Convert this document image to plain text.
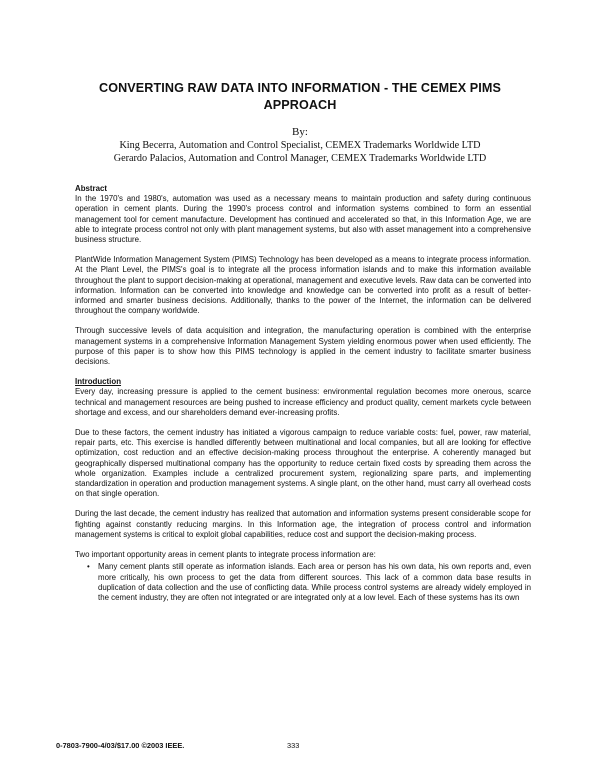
CONVERTING RAW DATA INTO INFORMATION - THE CEMEX PIMS APPROACH
By:
King Becerra, Automation and Control Specialist, CEMEX Trademarks Worldwide LTD
Gerardo Palacios, Automation and Control Manager, CEMEX Trademarks Worldwide LTD
Abstract

In the 1970's and 1980's, automation was used as a necessary means to maintain production and safety during continuous operation in cement plants. During the 1990's process control and information systems combined to form an essential management tool for cement manufacture. Development has continued and accelerated so that, in this Information Age, we are able to integrate process control not only with plant management systems, but also with asset management into a comprehensive business structure.

PlantWide Information Management System (PIMS) Technology has been developed as a means to integrate process information. At the Plant Level, the PIMS's goal is to integrate all the process information islands and to make this information available throughout the plant to support decision-making at operational, management and executive levels. Raw data can be converted into information. Information can be converted into knowledge and knowledge can be converted into profit as a result of better-informed and smarter business decisions. Additionally, thanks to the power of the Internet, the information can be delivered throughout the company worldwide.

Through successive levels of data acquisition and integration, the manufacturing operation is combined with the enterprise management systems in a comprehensive Information Management System yielding enormous power when used efficiently. The purpose of this paper is to show how this PIMS technology is applied in the cement industry to facilitate smarter business decisions.

Introduction

Every day, increasing pressure is applied to the cement business: environmental regulation becomes more onerous, scarce technical and management resources are being pushed to increase efficiency and product quality, cement markets cycle between shortage and excess, and our shareholders demand ever-increasing profits.

Due to these factors, the cement industry has initiated a vigorous campaign to reduce variable costs: fuel, power, raw material, repair parts, etc. This exercise is handled differently between multinational and local companies, but all are looking for effective optimization, cost reduction and an effective decision-making process throughout the enterprise. A coherently managed but geographically dispersed multinational company has the opportunity to reduce certain fixed costs by spreading them across the whole organization. Examples include a centralized procurement system, regionalizing spare parts, and implementing standardization in operation and production management systems. A single plant, on the other hand, must carry all overhead costs on that single operation.

During the last decade, the cement industry has realized that automation and information systems present considerable scope for fighting against constantly reducing margins. In this Information age, the integration of process control and information management systems is critical to exploit global capabilities, reduce cost and support the decision-making process.

Two important opportunity areas in cement plants to integrate process information are:

• Many cement plants still operate as information islands. Each area or person has his own data, his own reports and, even more critically, his own process to get the data from different sources. This lack of a common data base results in duplication of data collection and the use of conflicting data. While process control systems are already widely employed in the cement industry, they are often not integrated or are integrated only at a low level. Each of these systems has its own
0-7803-7900-4/03/$17.00 ©2003 IEEE.	333
